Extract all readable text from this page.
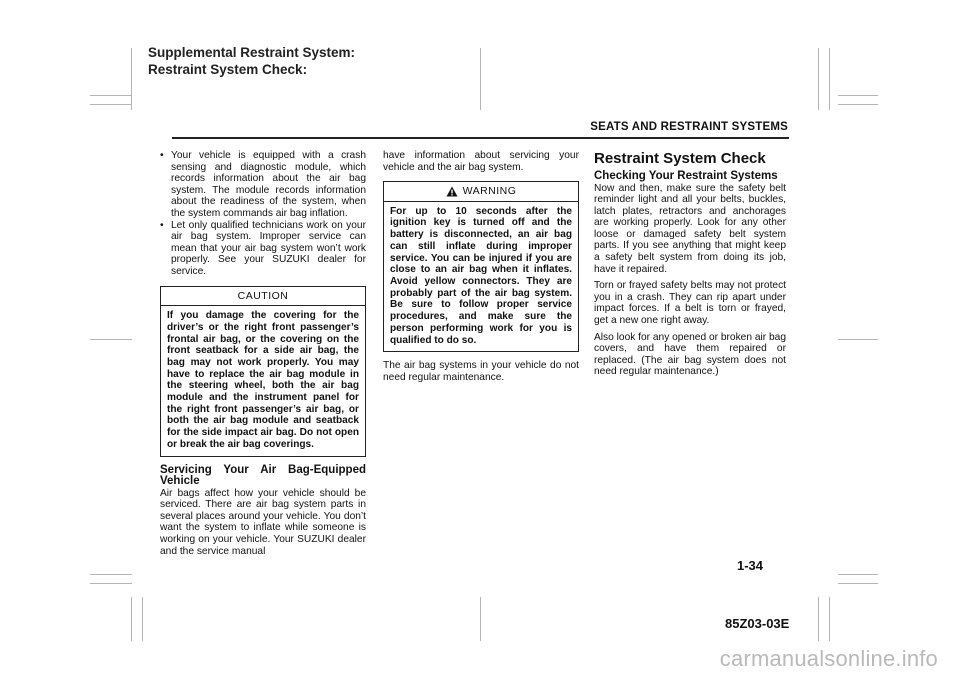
Supplemental Restraint System:
Restraint System Check:
SEATS AND RESTRAINT SYSTEMS
• Your vehicle is equipped with a crash sensing and diagnostic module, which records information about the air bag system. The module records information about the readiness of the system, when the system commands air bag inflation.
• Let only qualified technicians work on your air bag system. Improper service can mean that your air bag system won’t work properly. See your SUZUKI dealer for service.
CAUTION
If you damage the covering for the driver’s or the right front passenger’s frontal air bag, or the covering on the front seatback for a side air bag, the bag may not work properly. You may have to replace the air bag module in the steering wheel, both the air bag module and the instrument panel for the right front passenger’s air bag, or both the air bag module and seatback for the side impact air bag. Do not open or break the air bag coverings.
Servicing Your Air Bag-Equipped Vehicle

Air bags affect how your vehicle should be serviced. There are air bag system parts in several places around your vehicle. You don’t want the system to inflate while someone is working on your vehicle. Your SUZUKI dealer and the service manual

have information about servicing your vehicle and the air bag system.

WARNING
For up to 10 seconds after the ignition key is turned off and the battery is disconnected, an air bag can still inflate during improper service. You can be injured if you are close to an air bag when it inflates. Avoid yellow connectors. They are probably part of the air bag system. Be sure to follow proper service procedures, and make sure the person performing work for you is qualified to do so.

The air bag systems in your vehicle do not need regular maintenance.

Restraint System Check
Checking Your Restraint Systems

Now and then, make sure the safety belt reminder light and all your belts, buckles, latch plates, retractors and anchorages are working properly. Look for any other loose or damaged safety belt system parts. If you see anything that might keep a safety belt system from doing its job, have it repaired.

Torn or frayed safety belts may not protect you in a crash. They can rip apart under impact forces. If a belt is torn or frayed, get a new one right away.

Also look for any opened or broken air bag covers, and have them repaired or replaced. (The air bag system does not need regular maintenance.)

1-34
85Z03-03E
carmanualsonline.info
